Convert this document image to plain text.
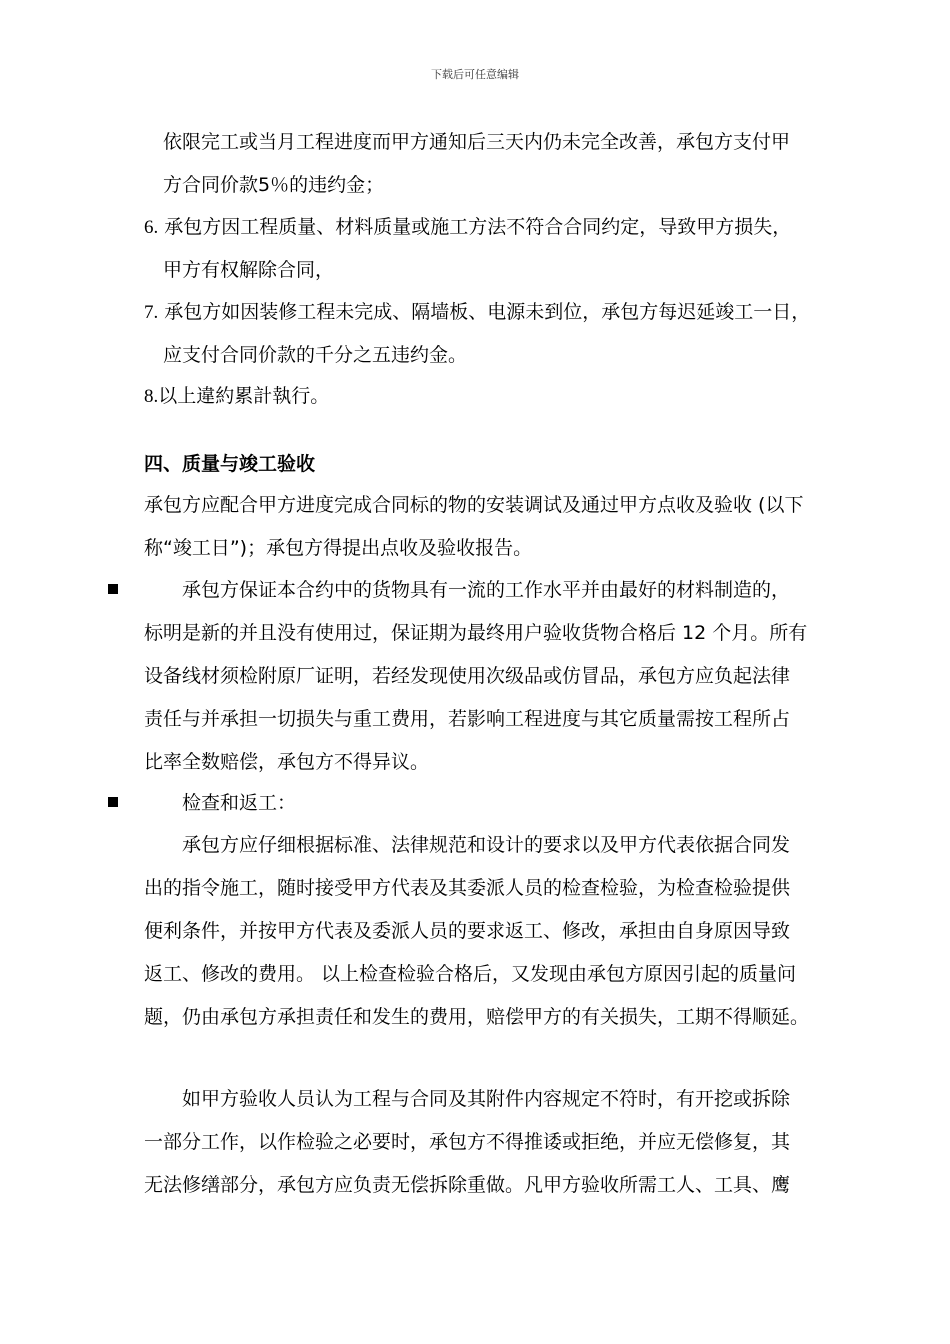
下载后可任意编辑
依限完工或当月工程进度而甲方通知后三天内仍未完全改善，承包方支付甲
方合同价款5％的违约金；
6. 承包方因工程质量、材料质量或施工方法不符合合同约定，导致甲方损失，
甲方有权解除合同，
7. 承包方如因装修工程未完成、隔墙板、电源未到位，承包方每迟延竣工一日，
应支付合同价款的千分之五违约金。
8.以上違約累計執行。
四、质量与竣工验收
承包方应配合甲方进度完成合同标的物的安装调试及通过甲方点收及验收 (以下
称“竣工日”)；承包方得提出点收及验收报告。
承包方保证本合约中的货物具有一流的工作水平并由最好的材料制造的，
标明是新的并且没有使用过，保证期为最终用户验收货物合格后 12 个月。所有
设备线材须检附原厂证明，若经发现使用次级品或仿冒品，承包方应负起法律
责任与并承担一切损失与重工费用，若影响工程进度与其它质量需按工程所占
比率全数赔偿，承包方不得异议。
检查和返工：
承包方应仔细根据标准、法律规范和设计的要求以及甲方代表依据合同发
出的指令施工，随时接受甲方代表及其委派人员的检查检验，为检查检验提供
便利条件，并按甲方代表及委派人员的要求返工、修改，承担由自身原因导致
返工、修改的费用。 以上检查检验合格后，又发现由承包方原因引起的质量问
题，仍由承包方承担责任和发生的费用，赔偿甲方的有关损失，工期不得顺延。
如甲方验收人员认为工程与合同及其附件内容规定不符时，有开挖或拆除
一部分工作，以作检验之必要时，承包方不得推诿或拒绝，并应无偿修复，其
无法修缮部分，承包方应负责无偿拆除重做。凡甲方验收所需工人、工具、鹰
